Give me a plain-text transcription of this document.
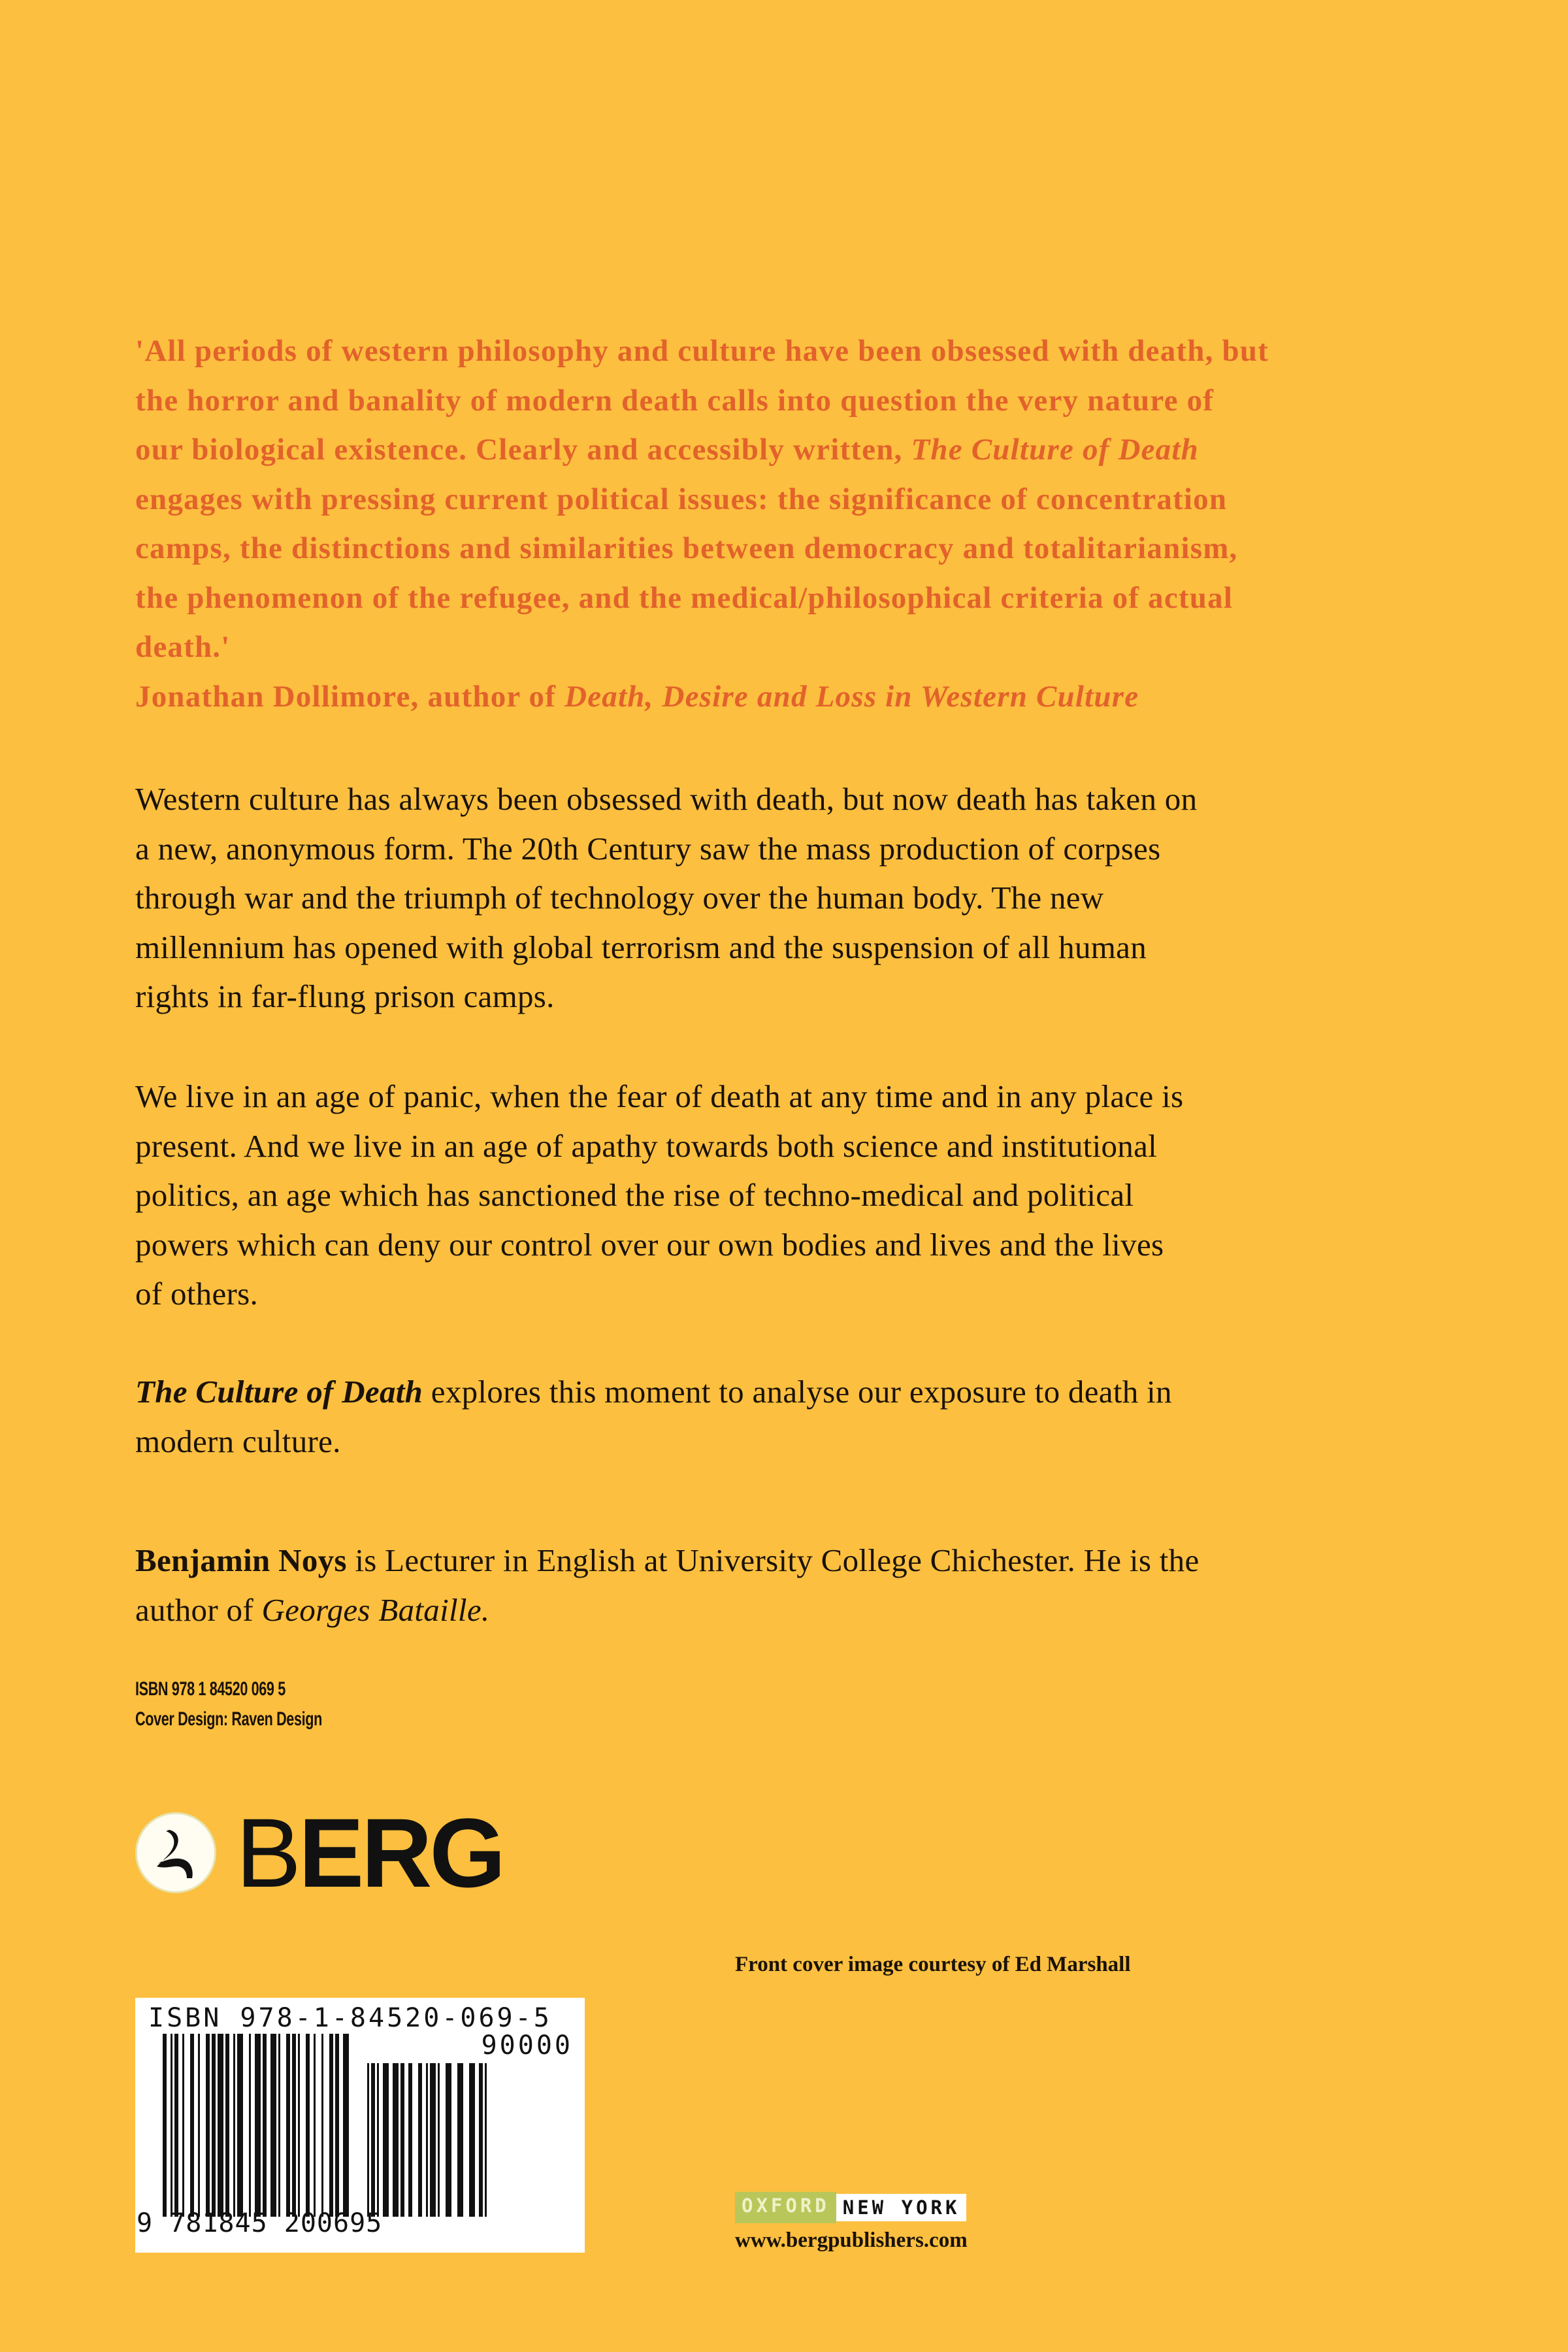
'All periods of western philosophy and culture have been obsessed with death, but
the horror and banality of modern death calls into question the very nature of
our biological existence. Clearly and accessibly written, The Culture of Death
engages with pressing current political issues: the significance of concentration
camps, the distinctions and similarities between democracy and totalitarianism,
the phenomenon of the refugee, and the medical/philosophical criteria of actual
death.'
Jonathan Dollimore, author of Death, Desire and Loss in Western Culture
Western culture has always been obsessed with death, but now death has taken on
a new, anonymous form. The 20th Century saw the mass production of corpses
through war and the triumph of technology over the human body. The new
millennium has opened with global terrorism and the suspension of all human
rights in far-flung prison camps.
We live in an age of panic, when the fear of death at any time and in any place is
present. And we live in an age of apathy towards both science and institutional
politics, an age which has sanctioned the rise of techno-medical and political
powers which can deny our control over our own bodies and lives and the lives
of others.
The Culture of Death explores this moment to analyse our exposure to death in
modern culture.
Benjamin Noys is Lecturer in English at University College Chichester. He is the
author of Georges Bataille.
ISBN 978 1 84520 069 5
Cover Design: Raven Design
BERG
Front cover image courtesy of Ed Marshall
ISBN 978-1-84520-069-5
90000
9 781845 200695
OXFORD NEW YORK
www.bergpublishers.com
